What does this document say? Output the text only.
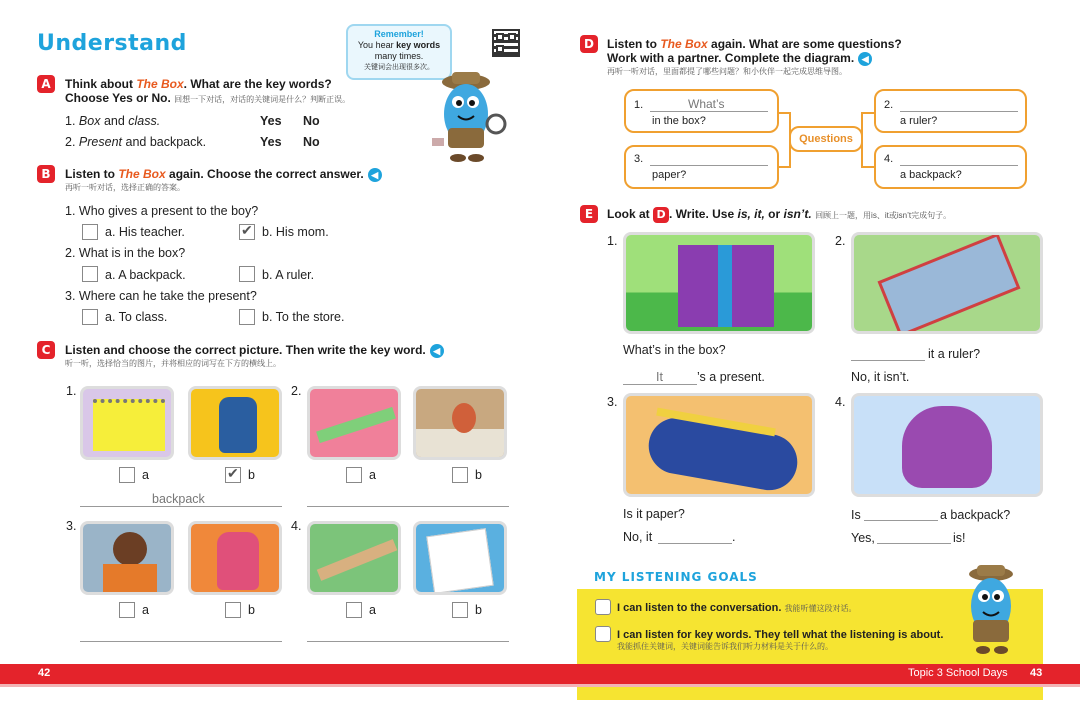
Understand	Remember!
You hear key words
many times.
关键词会出现很多次。
A	Think about The Box. What are the key words?
Choose Yes or No. 回想一下对话，对话的关键词是什么？判断正误。
1. Box and class.	Yes No
2. Present and backpack.	Yes No
B	Listen to The Box again. Choose the correct answer. ◀
再听一听对话，选择正确的答案。
1. Who gives a present to the boy?
a. His teacher. ✔	b. His mom.
2. What is in the box?
a. A backpack.	b. A ruler.
3. Where can he take the present?
a. To class.	b. To the store.
C	Listen and choose the correct picture. Then write the key word. ◀
听一听，选择恰当的图片，并将相应的词写在下方的横线上。
1.
a ✔	b
backpack
2.
a	b
3.
a	b
4.
a	b
D	Listen to The Box again. What are some questions?
Work with a partner. Complete the diagram. ◀
再听一听对话，里面都提了哪些问题？和小伙伴一起完成思维导图。
1.	What’s
in the box?
2.
a ruler?
3.
paper?
4.
a backpack?
Questions
E	Look at D . Write. Use is, it, or isn’t. 回顾上一题，用is、it或isn’t完成句子。
1.	2.
What’s in the box?
It	’s a present.
it a ruler?
No, it isn’t.
3.	4.
Is it paper?
No, it	.
Is	a backpack?
Yes,	is!
MY LISTENING GOALS
I can listen to the conversation. 我能听懂这段对话。
I can listen for key words. They tell what the listening is about.
我能抓住关键词，关键词能告诉我们听力材料是关于什么的。
42	Topic 3 School Days 43
